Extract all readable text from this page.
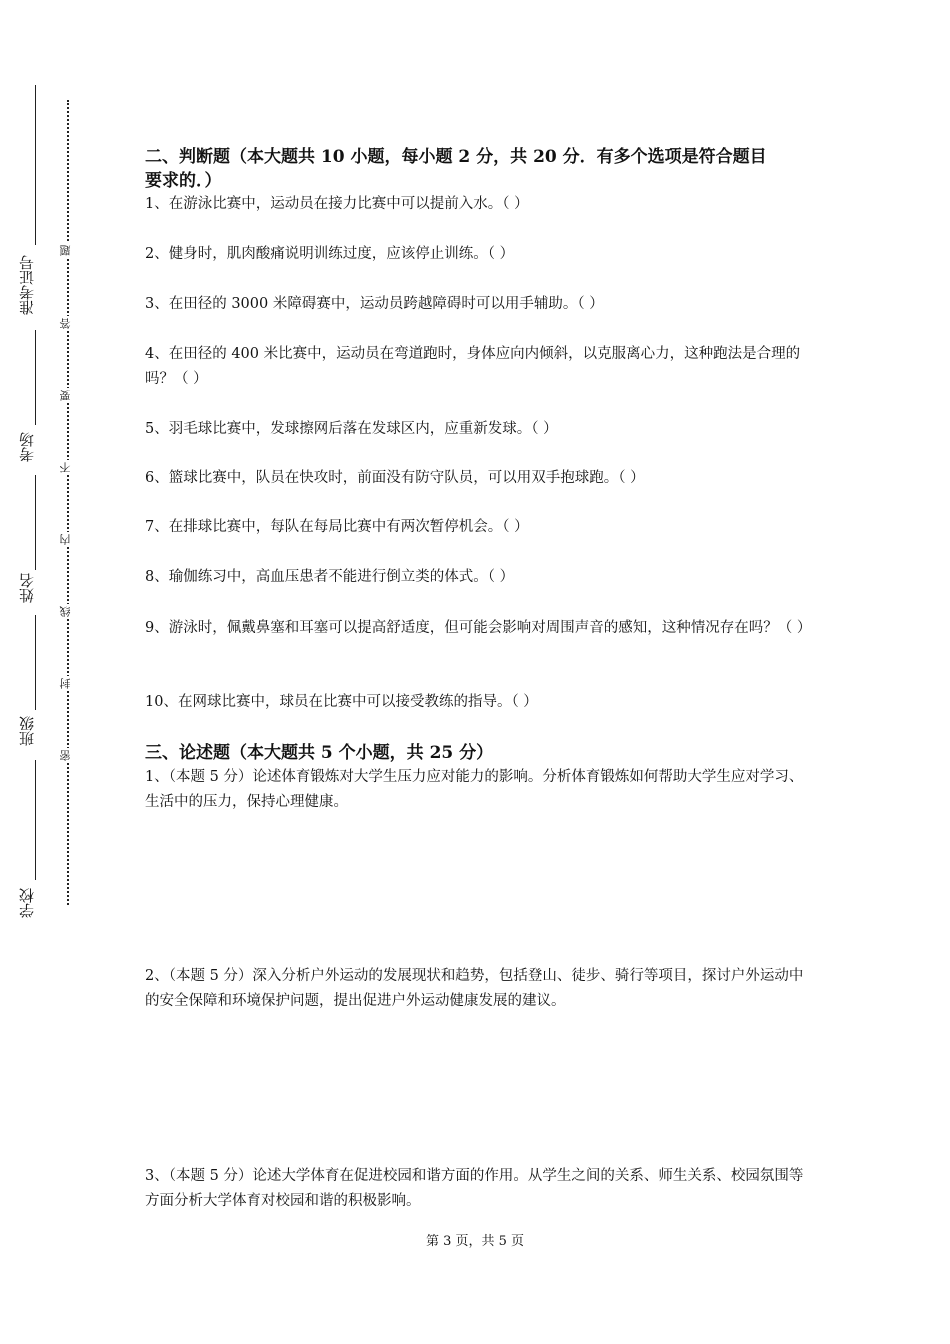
准考证号
考场
姓名
班级
学校
题
答
要
不
内
线
封
密
二、判断题（本大题共 10 小题，每小题 2 分，共 20 分．有多个选项是符合题目
要求的．）
1、在游泳比赛中，运动员在接力比赛中可以提前入水。（ ）
2、健身时，肌肉酸痛说明训练过度，应该停止训练。（ ）
3、在田径的 3000 米障碍赛中，运动员跨越障碍时可以用手辅助。（ ）
4、在田径的 400 米比赛中，运动员在弯道跑时，身体应向内倾斜，以克服离心力，这种跑法是合理的吗？（ ）
5、羽毛球比赛中，发球擦网后落在发球区内，应重新发球。（ ）
6、篮球比赛中，队员在快攻时，前面没有防守队员，可以用双手抱球跑。（ ）
7、在排球比赛中，每队在每局比赛中有两次暂停机会。（ ）
8、瑜伽练习中，高血压患者不能进行倒立类的体式。（ ）
9、游泳时，佩戴鼻塞和耳塞可以提高舒适度，但可能会影响对周围声音的感知，这种情况存在吗？（ ）
10、在网球比赛中，球员在比赛中可以接受教练的指导。（ ）
三、论述题（本大题共 5 个小题，共 25 分）
1、（本题 5 分）论述体育锻炼对大学生压力应对能力的影响。分析体育锻炼如何帮助大学生应对学习、生活中的压力，保持心理健康。
2、（本题 5 分）深入分析户外运动的发展现状和趋势，包括登山、徒步、骑行等项目，探讨户外运动中的安全保障和环境保护问题，提出促进户外运动健康发展的建议。
3、（本题 5 分）论述大学体育在促进校园和谐方面的作用。从学生之间的关系、师生关系、校园氛围等方面分析大学体育对校园和谐的积极影响。
第 3 页，共 5 页
